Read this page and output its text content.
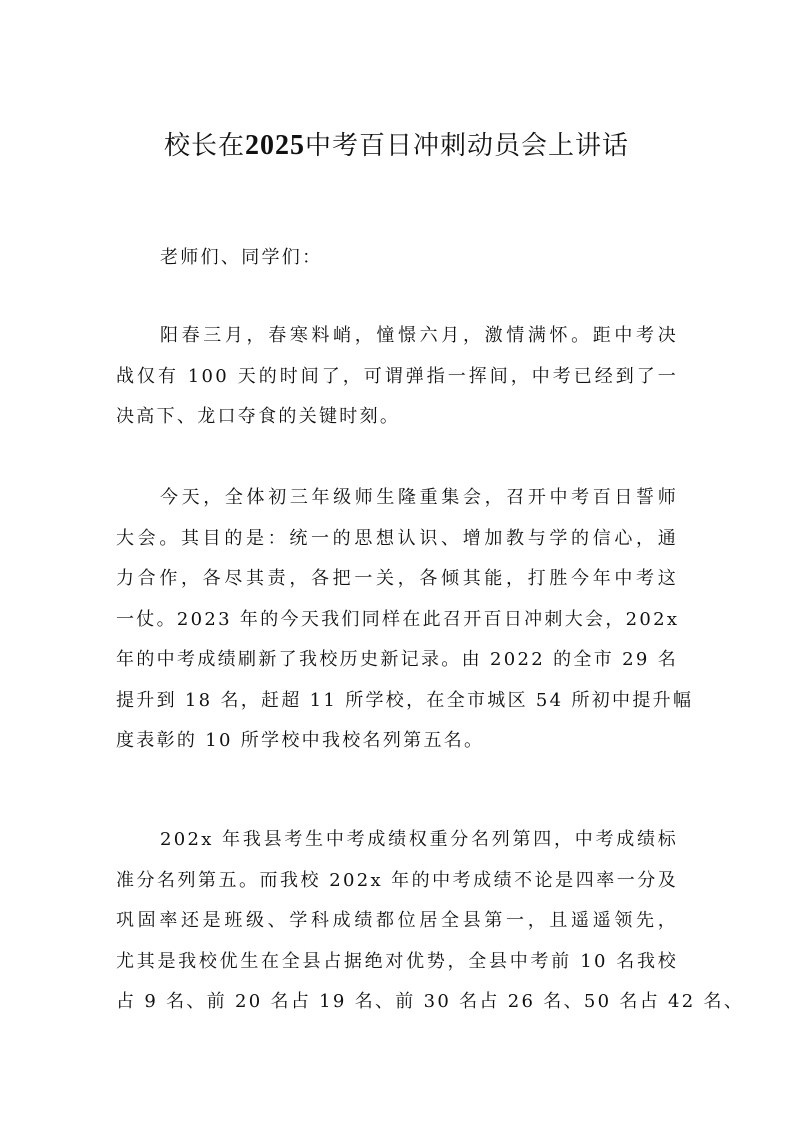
校长在2025中考百日冲刺动员会上讲话
老师们、同学们：
阳春三月，春寒料峭，憧憬六月，激情满怀。距中考决
战仅有 100 天的时间了，可谓弹指一挥间，中考已经到了一
决高下、龙口夺食的关键时刻。
今天，全体初三年级师生隆重集会，召开中考百日誓师
大会。其目的是：统一的思想认识、增加教与学的信心，通
力合作，各尽其责，各把一关，各倾其能，打胜今年中考这
一仗。2023 年的今天我们同样在此召开百日冲刺大会，202x
年的中考成绩刷新了我校历史新记录。由 2022 的全市 29 名
提升到 18 名，赶超 11 所学校，在全市城区 54 所初中提升幅
度表彰的 10 所学校中我校名列第五名。
202x 年我县考生中考成绩权重分名列第四，中考成绩标
准分名列第五。而我校 202x 年的中考成绩不论是四率一分及
巩固率还是班级、学科成绩都位居全县第一，且遥遥领先，
尤其是我校优生在全县占据绝对优势，全县中考前 10 名我校
占 9 名、前 20 名占 19 名、前 30 名占 26 名、50 名占 42 名、
